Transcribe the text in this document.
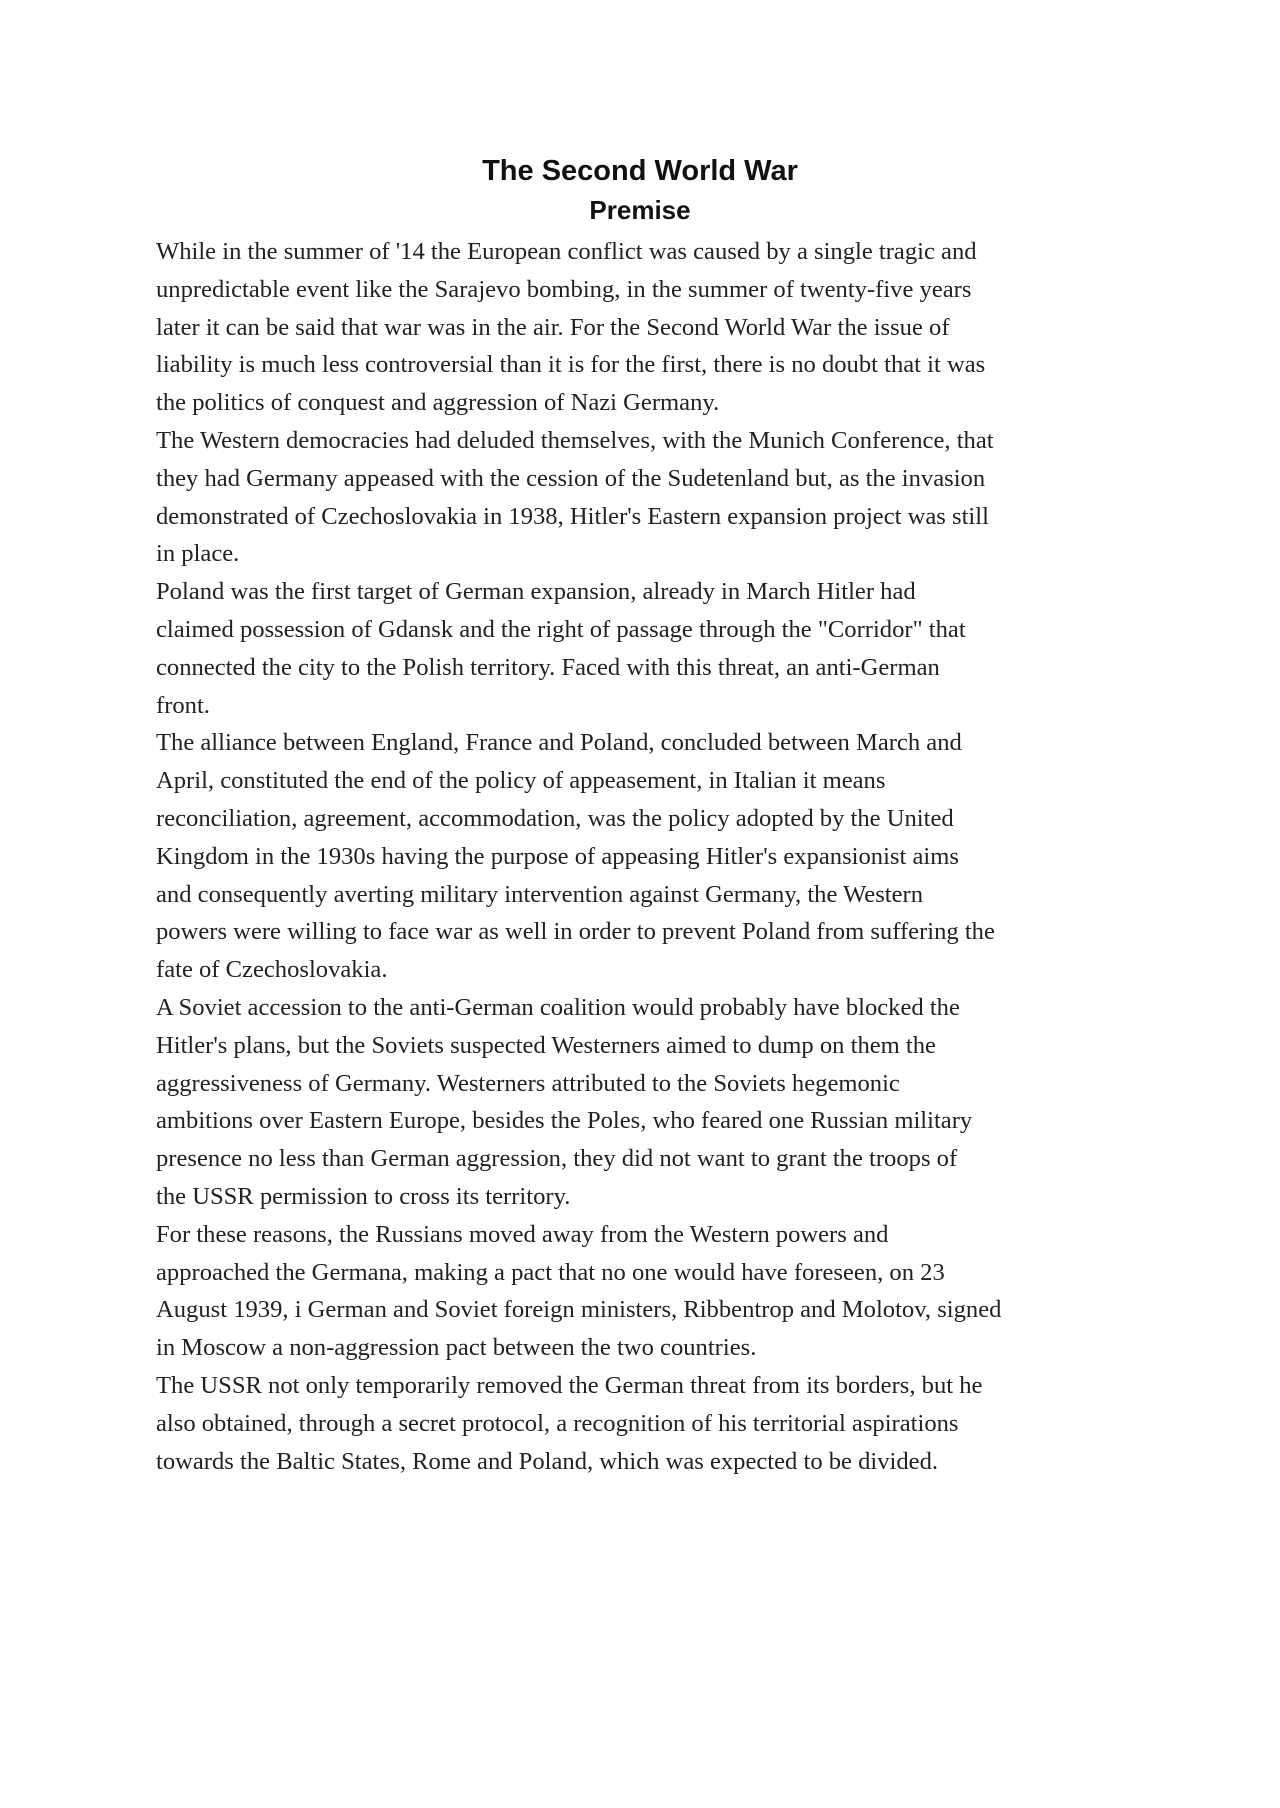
The Second World War
Premise
While in the summer of '14 the European conflict was caused by a single tragic and
unpredictable event like the Sarajevo bombing, in the summer of twenty-five years
later it can be said that war was in the air. For the Second World War the issue of
liability is much less controversial than it is for the first, there is no doubt that it was
the politics of conquest and aggression of Nazi Germany.
The Western democracies had deluded themselves, with the Munich Conference, that
they had Germany appeased with the cession of the Sudetenland but, as the invasion
demonstrated of Czechoslovakia in 1938, Hitler's Eastern expansion project was still
in place.
Poland was the first target of German expansion, already in March Hitler had
claimed possession of Gdansk and the right of passage through the "Corridor" that
connected the city to the Polish territory. Faced with this threat, an anti-German
front.
The alliance between England, France and Poland, concluded between March and
April, constituted the end of the policy of appeasement, in Italian it means
reconciliation, agreement, accommodation, was the policy adopted by the United
Kingdom in the 1930s having the purpose of appeasing Hitler's expansionist aims
and consequently averting military intervention against Germany, the Western
powers were willing to face war as well in order to prevent Poland from suffering the
fate of Czechoslovakia.
A Soviet accession to the anti-German coalition would probably have blocked the
Hitler's plans, but the Soviets suspected Westerners aimed to dump on them the
aggressiveness of Germany. Westerners attributed to the Soviets hegemonic
ambitions over Eastern Europe, besides the Poles, who feared one Russian military
presence no less than German aggression, they did not want to grant the troops of
the USSR permission to cross its territory.
For these reasons, the Russians moved away from the Western powers and
approached the Germana, making a pact that no one would have foreseen, on 23
August 1939, i German and Soviet foreign ministers, Ribbentrop and Molotov, signed
in Moscow a non-aggression pact between the two countries.
The USSR not only temporarily removed the German threat from its borders, but he
also obtained, through a secret protocol, a recognition of his territorial aspirations
towards the Baltic States, Rome and Poland, which was expected to be divided.
